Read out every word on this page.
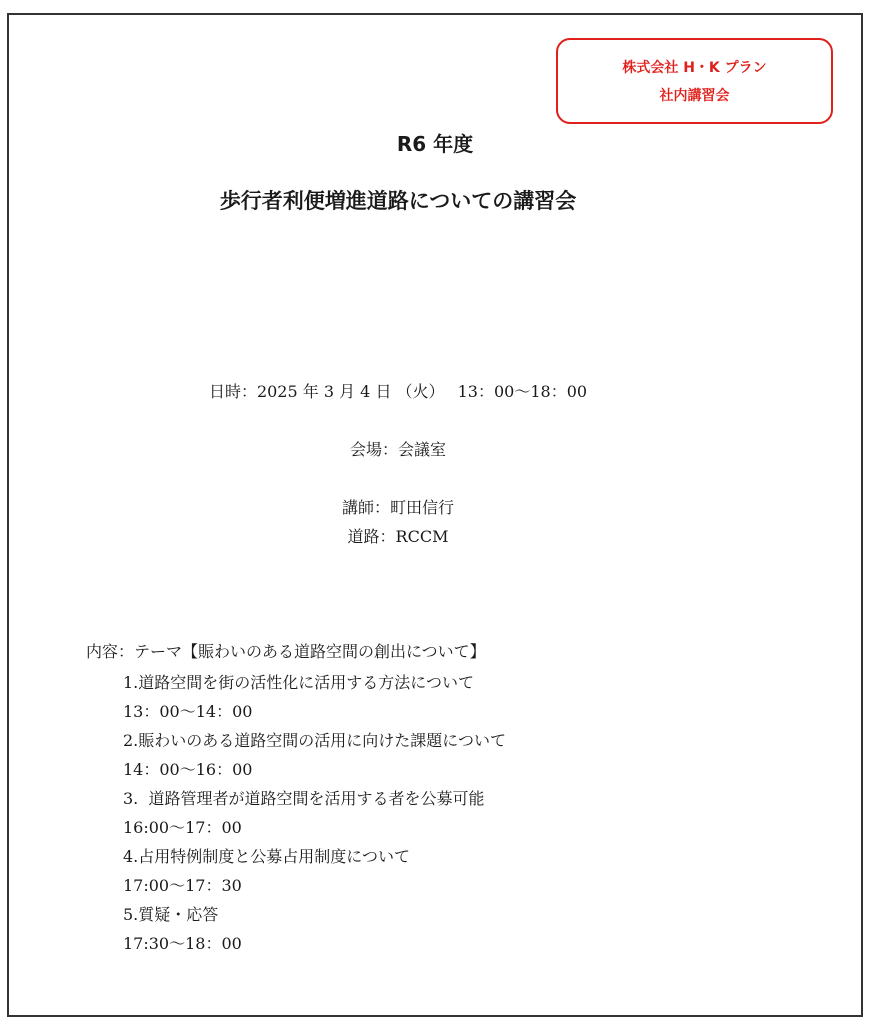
株式会社 H・K プラン
社内講習会
R6 年度
歩行者利便増進道路についての講習会
日時：2025 年 3 月 4 日 （火）　 13：00〜18：00
会場：会議室
講師：町田信行
道路：RCCM
内容：テーマ【賑わいのある道路空間の創出について】
1.道路空間を街の活性化に活用する方法について
13：00〜14：00
2.賑わいのある道路空間の活用に向けた課題について
14：00〜16：00
3.  道路管理者が道路空間を活用する者を公募可能
16:00〜17：00
4.占用特例制度と公募占用制度について
17:00〜17：30
5.質疑・応答
17:30〜18：00
